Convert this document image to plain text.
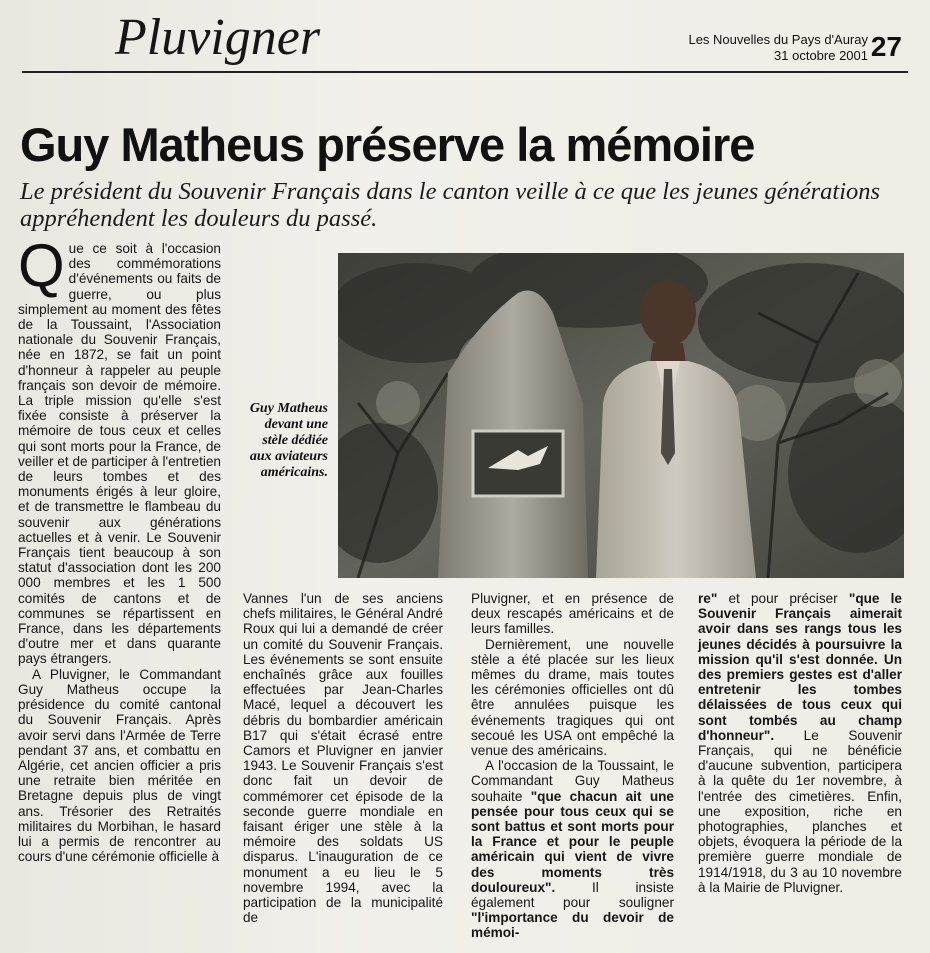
Pluvigner	Les Nouvelles du Pays d'Auray
31 octobre 2001 27
Guy Matheus préserve la mémoire
Le président du Souvenir Français dans le canton veille à ce que les jeunes générations appréhendent les douleurs du passé.

Que ce soit à l'occasion des commémorations d'événements ou faits de guerre, ou plus simplement au moment des fêtes de la Toussaint, l'Association nationale du Souvenir Français, née en 1872, se fait un point d'honneur à rappeler au peuple français son devoir de mémoire. La triple mission qu'elle s'est fixée consiste à préserver la mémoire de tous ceux et celles qui sont morts pour la France, de veiller et de participer à l'entretien de leurs tombes et des monuments érigés à leur gloire, et de transmettre le flambeau du souvenir aux générations actuelles et à venir. Le Souvenir Français tient beaucoup à son statut d'association dont les 200 000 membres et les 1 500 comités de cantons et de communes se répartissent en France, dans les départements d'outre mer et dans quarante pays étrangers.

A Pluvigner, le Commandant Guy Matheus occupe la présidence du comité cantonal du Souvenir Français. Après avoir servi dans l'Armée de Terre pendant 37 ans, et combattu en Algérie, cet ancien officier a pris une retraite bien méritée en Bretagne depuis plus de vingt ans. Trésorier des Retraités militaires du Morbihan, le hasard lui a permis de rencontrer au cours d'une cérémonie officielle à

Guy Matheus devant une stèle dédiée aux aviateurs américains.

Vannes l'un de ses anciens chefs militaires, le Général André Roux qui lui a demandé de créer un comité du Souvenir Français. Les événements se sont ensuite enchaînés grâce aux fouilles effectuées par Jean-Charles Macé, lequel a découvert les débris du bombardier américain B17 qui s'était écrasé entre Camors et Pluvigner en janvier 1943. Le Souvenir Français s'est donc fait un devoir de commémorer cet épisode de la seconde guerre mondiale en faisant ériger une stèle à la mémoire des soldats US disparus. L'inauguration de ce monument a eu lieu le 5 novembre 1994, avec la participation de la municipalité de

Pluvigner, et en présence de deux rescapés américains et de leurs familles.

Dernièrement, une nouvelle stèle a été placée sur les lieux mêmes du drame, mais toutes les cérémonies officielles ont dû être annulées puisque les événements tragiques qui ont secoué les USA ont empêché la venue des américains.

A l'occasion de la Toussaint, le Commandant Guy Matheus souhaite "que chacun ait une pensée pour tous ceux qui se sont battus et sont morts pour la France et pour le peuple américain qui vient de vivre des moments très douloureux". Il insiste également pour souligner "l'importance du devoir de mémoi-

re" et pour préciser "que le Souvenir Français aimerait avoir dans ses rangs tous les jeunes décidés à poursuivre la mission qu'il s'est donnée. Un des premiers gestes est d'aller entretenir les tombes délaissées de tous ceux qui sont tombés au champ d'honneur". Le Souvenir Français, qui ne bénéficie d'aucune subvention, participera à la quête du 1er novembre, à l'entrée des cimetières. Enfin, une exposition, riche en photographies, planches et objets, évoquera la période de la première guerre mondiale de 1914/1918, du 3 au 10 novembre à la Mairie de Pluvigner.
